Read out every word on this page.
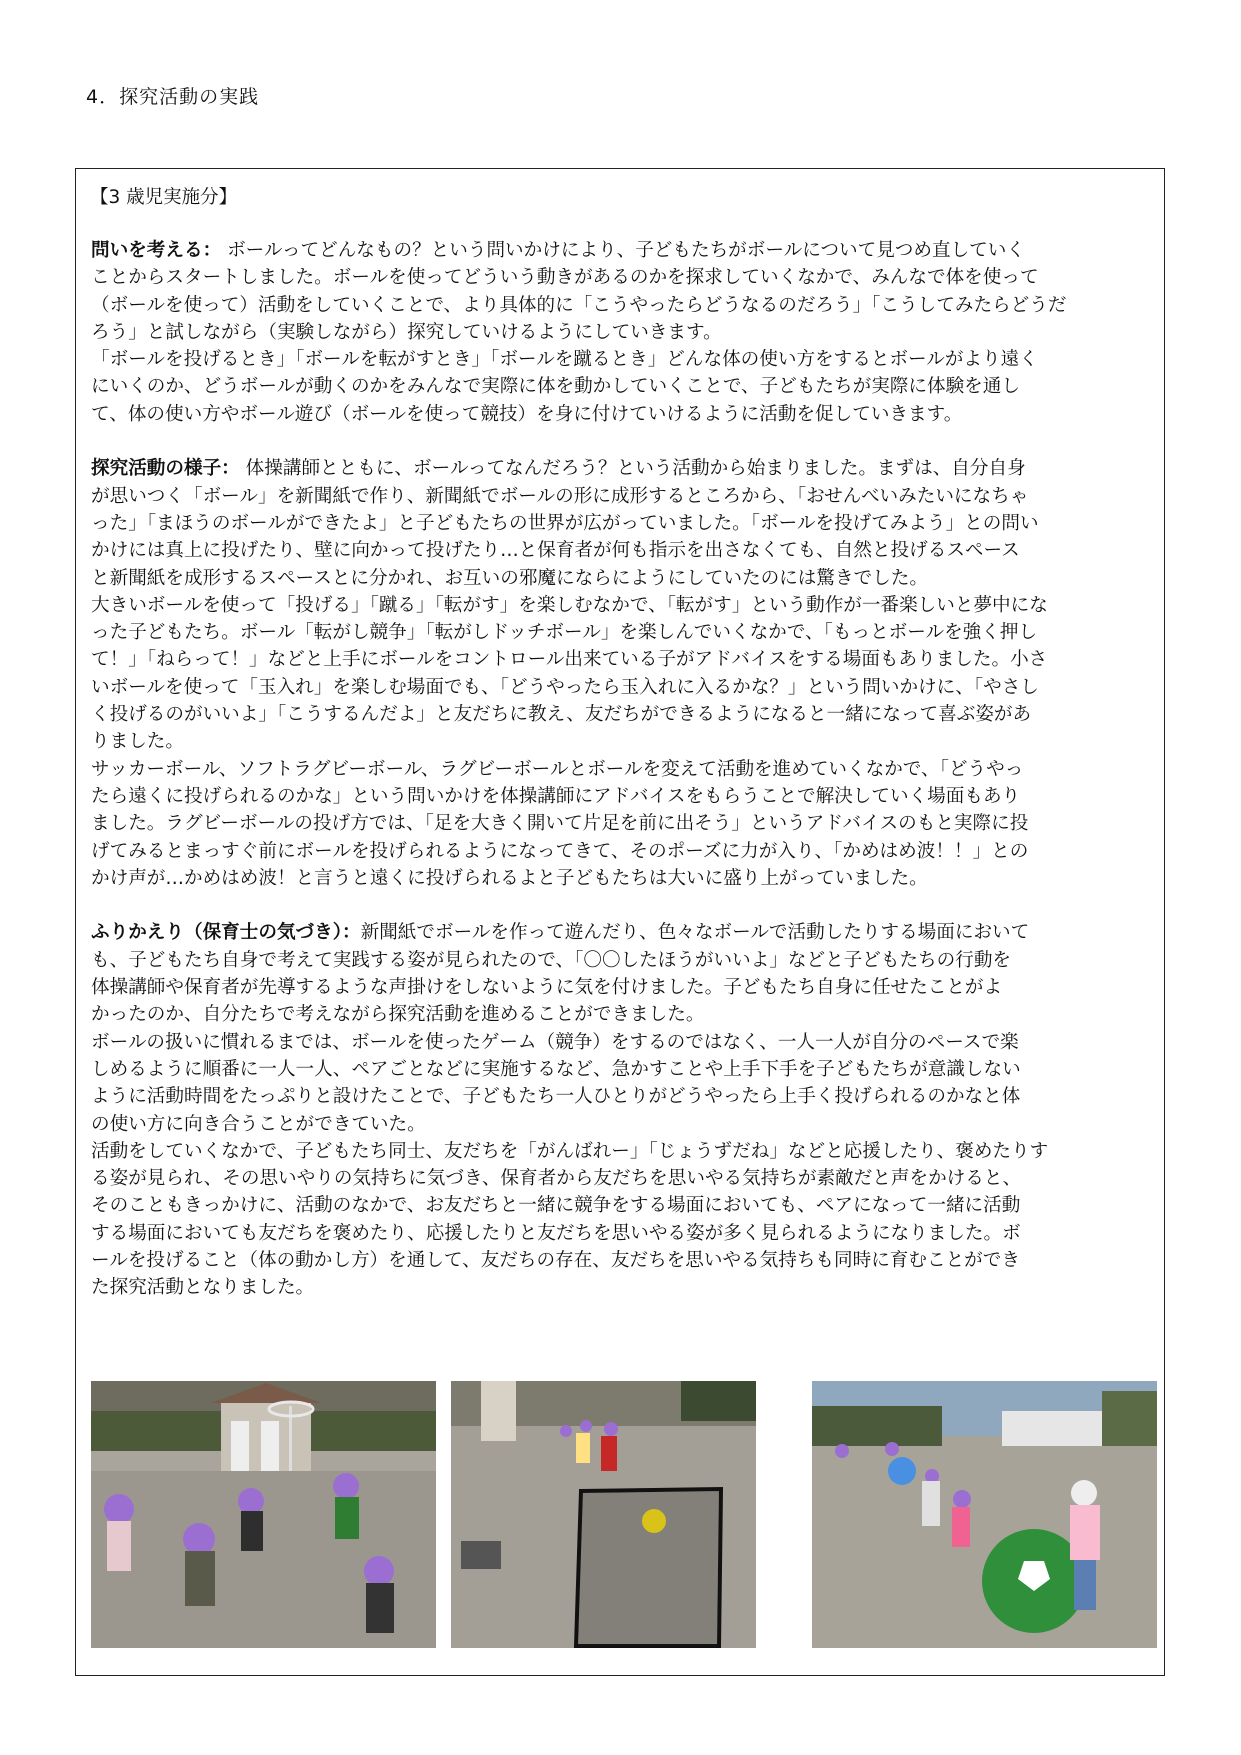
4．探究活動の実践
【3 歳児実施分】

問いを考える： ボールってどんなもの？という問いかけにより、子どもたちがボールについて見つめ直していく

ことからスタートしました。ボールを使ってどういう動きがあるのかを探求していくなかで、みんなで体を使って

（ボールを使って）活動をしていくことで、より具体的に「こうやったらどうなるのだろう」「こうしてみたらどうだ

ろう」と試しながら（実験しながら）探究していけるようにしていきます。

「ボールを投げるとき」「ボールを転がすとき」「ボールを蹴るとき」どんな体の使い方をするとボールがより遠く

にいくのか、どうボールが動くのかをみんなで実際に体を動かしていくことで、子どもたちが実際に体験を通し

て、体の使い方やボール遊び（ボールを使って競技）を身に付けていけるように活動を促していきます。

探究活動の様子： 体操講師とともに、ボールってなんだろう？という活動から始まりました。まずは、自分自身

が思いつく「ボール」を新聞紙で作り、新聞紙でボールの形に成形するところから、「おせんべいみたいになちゃ

った」「まほうのボールができたよ」と子どもたちの世界が広がっていました。「ボールを投げてみよう」との問い

かけには真上に投げたり、壁に向かって投げたり…と保育者が何も指示を出さなくても、自然と投げるスペース

と新聞紙を成形するスペースとに分かれ、お互いの邪魔にならにようにしていたのには驚きでした。

大きいボールを使って「投げる」「蹴る」「転がす」を楽しむなかで、「転がす」という動作が一番楽しいと夢中にな

った子どもたち。ボール「転がし競争」「転がしドッチボール」を楽しんでいくなかで、「もっとボールを強く押し

て！」「ねらって！」などと上手にボールをコントロール出来ている子がアドバイスをする場面もありました。小さ

いボールを使って「玉入れ」を楽しむ場面でも、「どうやったら玉入れに入るかな？」という問いかけに、「やさし

く投げるのがいいよ」「こうするんだよ」と友だちに教え、友だちができるようになると一緒になって喜ぶ姿があ

りました。

サッカーボール、ソフトラグビーボール、ラグビーボールとボールを変えて活動を進めていくなかで、「どうやっ

たら遠くに投げられるのかな」という問いかけを体操講師にアドバイスをもらうことで解決していく場面もあり

ました。ラグビーボールの投げ方では、「足を大きく開いて片足を前に出そう」というアドバイスのもと実際に投

げてみるとまっすぐ前にボールを投げられるようになってきて、そのポーズに力が入り、「かめはめ波！！」との

かけ声が…かめはめ波！と言うと遠くに投げられるよと子どもたちは大いに盛り上がっていました。

ふりかえり（保育士の気づき）：新聞紙でボールを作って遊んだり、色々なボールで活動したりする場面において

も、子どもたち自身で考えて実践する姿が見られたので、「〇〇したほうがいいよ」などと子どもたちの行動を

体操講師や保育者が先導するような声掛けをしないように気を付けました。子どもたち自身に任せたことがよ

かったのか、自分たちで考えながら探究活動を進めることができました。

ボールの扱いに慣れるまでは、ボールを使ったゲーム（競争）をするのではなく、一人一人が自分のペースで楽

しめるように順番に一人一人、ペアごとなどに実施するなど、急かすことや上手下手を子どもたちが意識しない

ように活動時間をたっぷりと設けたことで、子どもたち一人ひとりがどうやったら上手く投げられるのかなと体

の使い方に向き合うことができていた。

活動をしていくなかで、子どもたち同士、友だちを「がんばれー」「じょうずだね」などと応援したり、褒めたりす

る姿が見られ、その思いやりの気持ちに気づき、保育者から友だちを思いやる気持ちが素敵だと声をかけると、

そのこともきっかけに、活動のなかで、お友だちと一緒に競争をする場面においても、ペアになって一緒に活動

する場面においても友だちを褒めたり、応援したりと友だちを思いやる姿が多く見られるようになりました。ボ

ールを投げること（体の動かし方）を通して、友だちの存在、友だちを思いやる気持ちも同時に育むことができ

た探究活動となりました。
